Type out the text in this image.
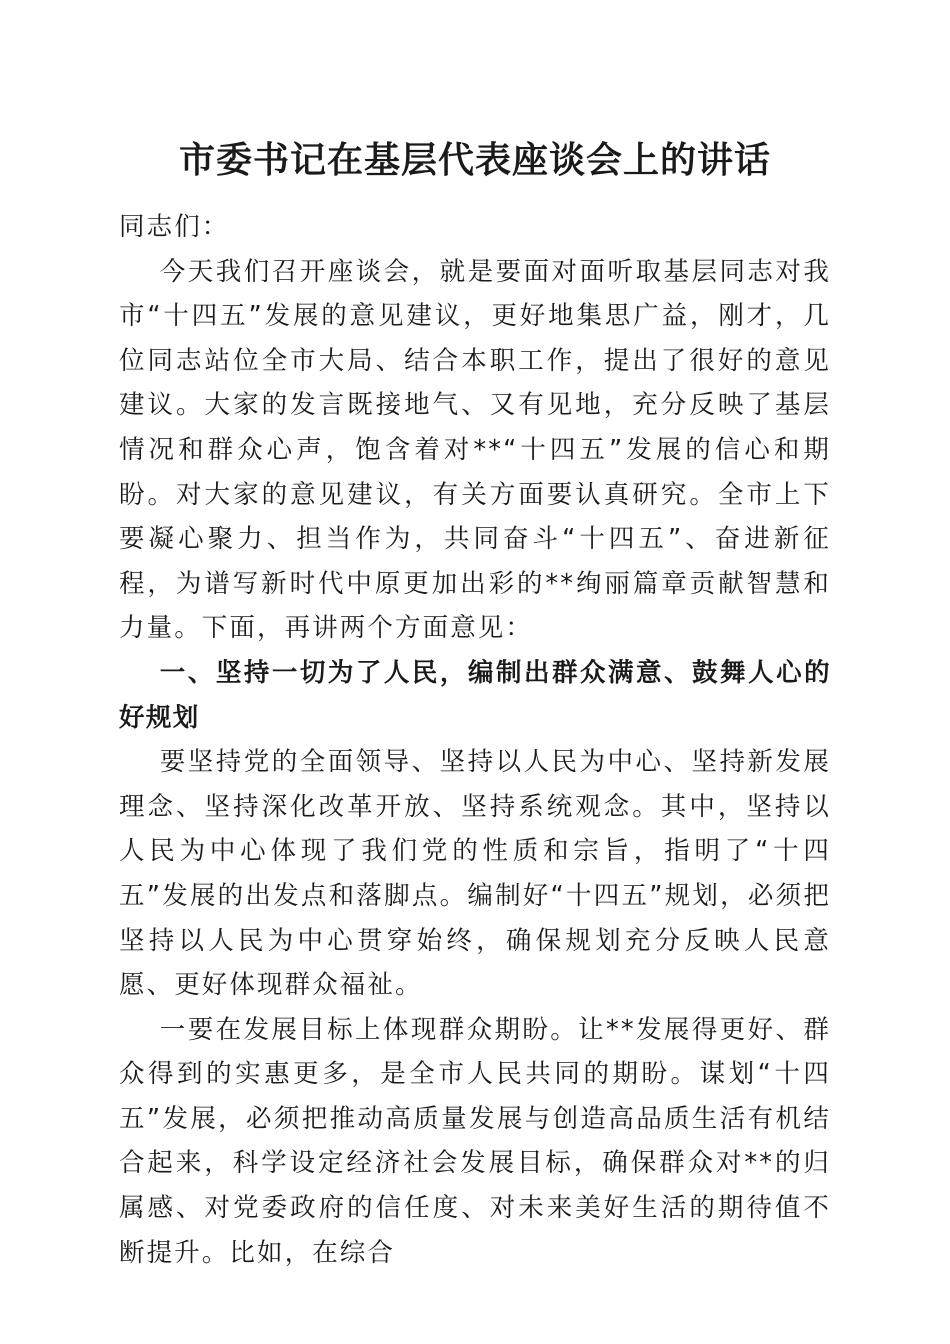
市委书记在基层代表座谈会上的讲话

同志们：

今天我们召开座谈会，就是要面对面听取基层同志对我市“十四五”发展的意见建议，更好地集思广益，刚才，几位同志站位全市大局、结合本职工作，提出了很好的意见建议。大家的发言既接地气、又有见地，充分反映了基层情况和群众心声，饱含着对**“十四五”发展的信心和期盼。对大家的意见建议，有关方面要认真研究。全市上下要凝心聚力、担当作为，共同奋斗“十四五”、奋进新征程，为谱写新时代中原更加出彩的**绚丽篇章贡献智慧和力量。下面，再讲两个方面意见：

一、坚持一切为了人民，编制出群众满意、鼓舞人心的好规划

要坚持党的全面领导、坚持以人民为中心、坚持新发展理念、坚持深化改革开放、坚持系统观念。其中，坚持以人民为中心体现了我们党的性质和宗旨，指明了“十四五”发展的出发点和落脚点。编制好“十四五”规划，必须把坚持以人民为中心贯穿始终，确保规划充分反映人民意愿、更好体现群众福祉。

一要在发展目标上体现群众期盼。让**发展得更好、群众得到的实惠更多，是全市人民共同的期盼。谋划“十四五”发展，必须把推动高质量发展与创造高品质生活有机结合起来，科学设定经济社会发展目标，确保群众对**的归属感、对党委政府的信任度、对未来美好生活的期待值不断提升。比如，在综合
